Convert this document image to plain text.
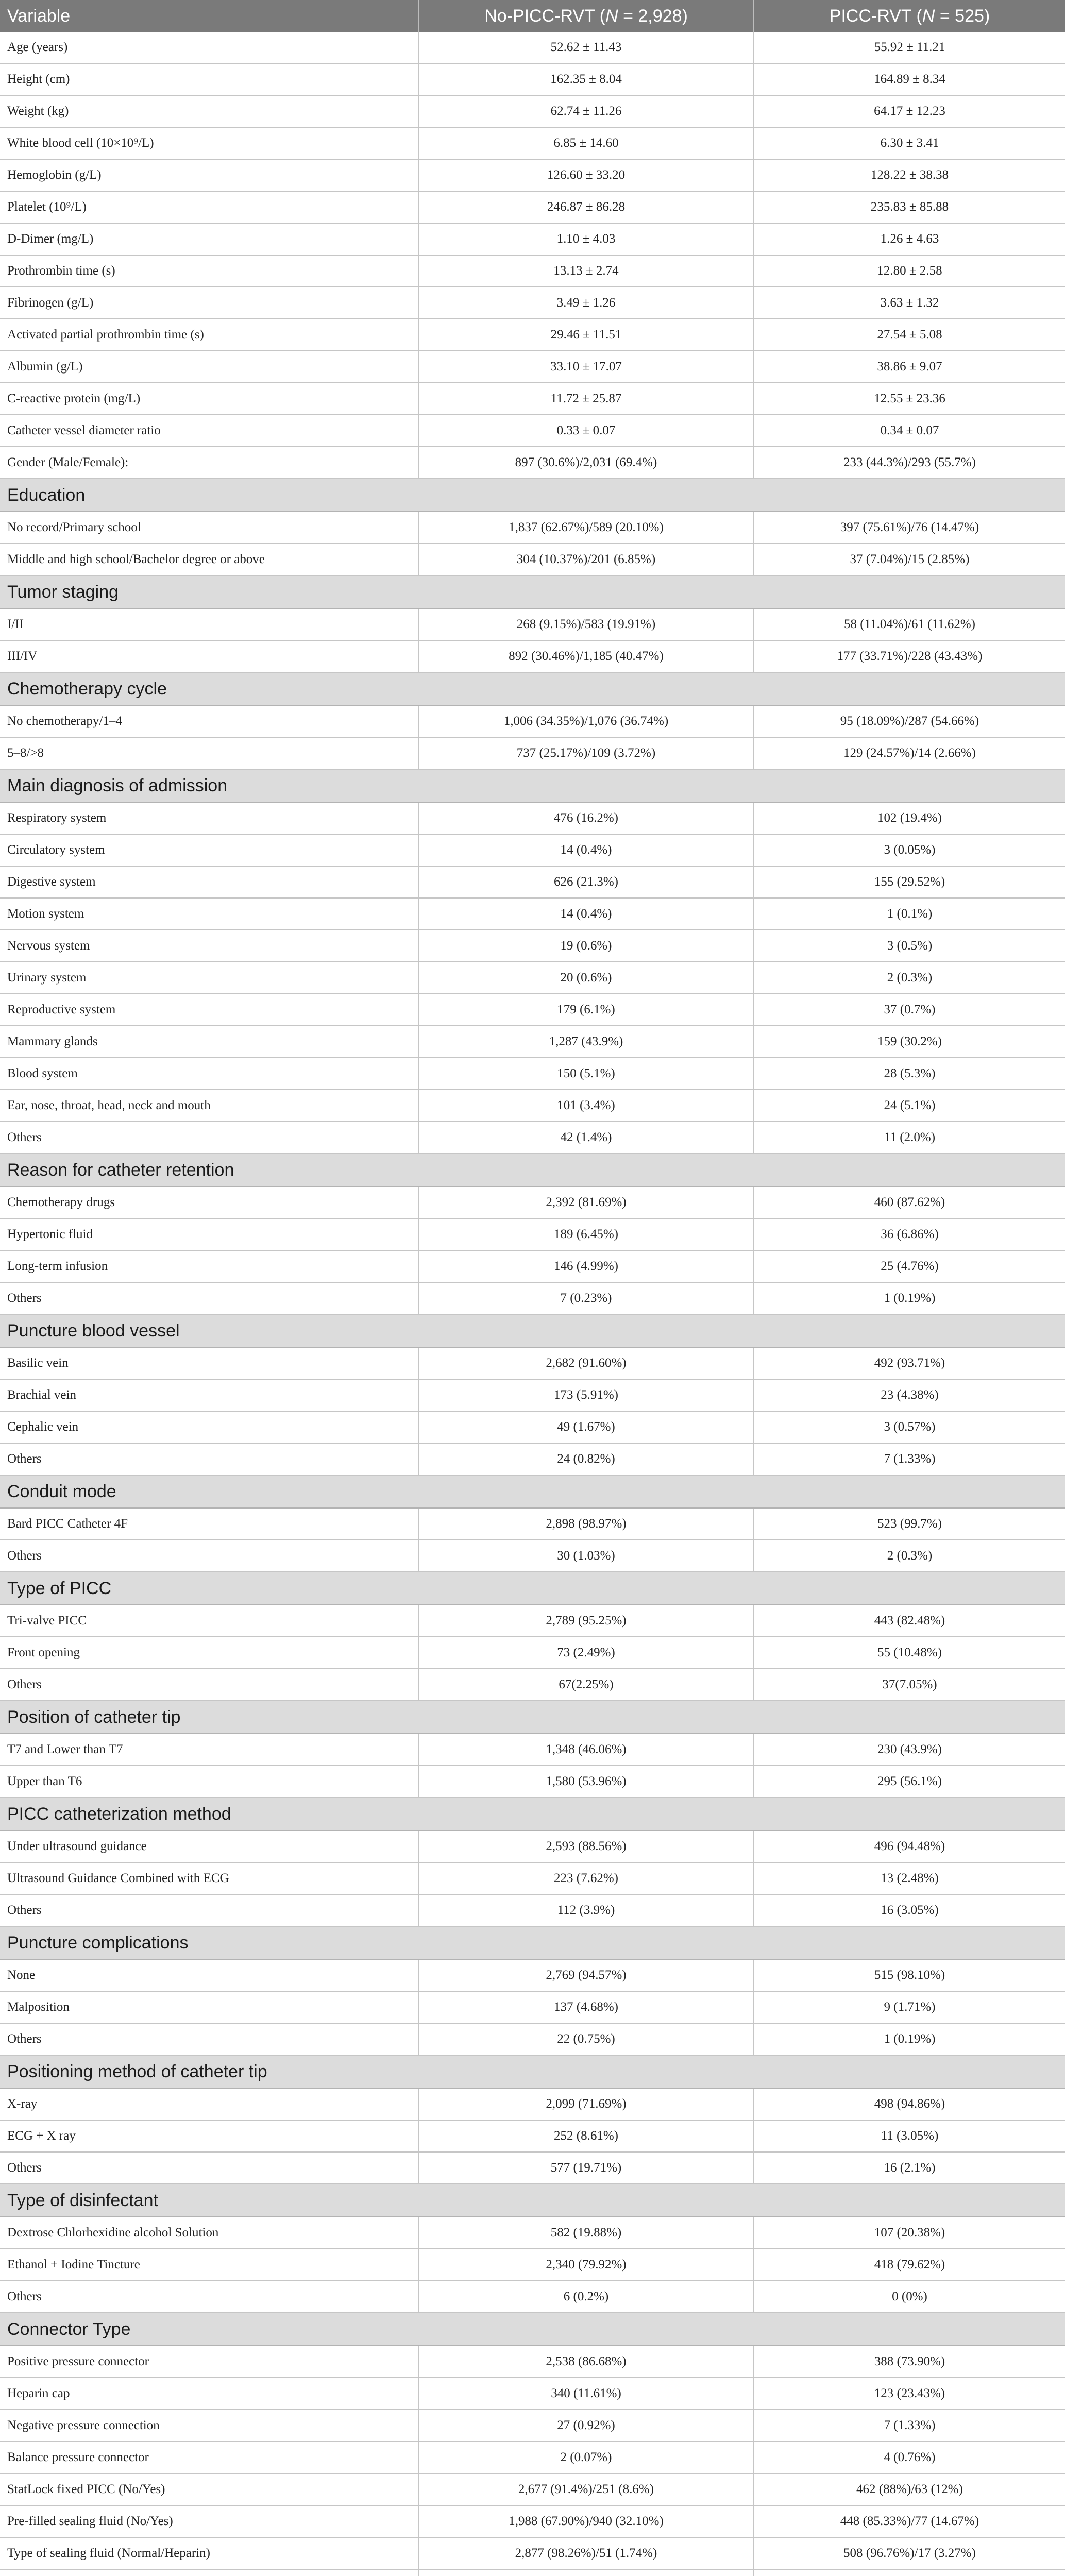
Variable	No-PICC-RVT (N = 2,928)	PICC-RVT (N = 525)
Age (years)	52.62 ± 11.43	55.92 ± 11.21
Height (cm)	162.35 ± 8.04	164.89 ± 8.34
Weight (kg)	62.74 ± 11.26	64.17 ± 12.23
White blood cell (10×10⁹/L)	6.85 ± 14.60	6.30 ± 3.41
Hemoglobin (g/L)	126.60 ± 33.20	128.22 ± 38.38
Platelet (10⁹/L)	246.87 ± 86.28	235.83 ± 85.88
D-Dimer (mg/L)	1.10 ± 4.03	1.26 ± 4.63
Prothrombin time (s)	13.13 ± 2.74	12.80 ± 2.58
Fibrinogen (g/L)	3.49 ± 1.26	3.63 ± 1.32
Activated partial prothrombin time (s)	29.46 ± 11.51	27.54 ± 5.08
Albumin (g/L)	33.10 ± 17.07	38.86 ± 9.07
C-reactive protein (mg/L)	11.72 ± 25.87	12.55 ± 23.36
Catheter vessel diameter ratio	0.33 ± 0.07	0.34 ± 0.07
Gender (Male/Female):	897 (30.6%)/2,031 (69.4%)	233 (44.3%)/293 (55.7%)
Education		
No record/Primary school	1,837 (62.67%)/589 (20.10%)	397 (75.61%)/76 (14.47%)
Middle and high school/Bachelor degree or above	304 (10.37%)/201 (6.85%)	37 (7.04%)/15 (2.85%)
Tumor staging		
I/II	268 (9.15%)/583 (19.91%)	58 (11.04%)/61 (11.62%)
III/IV	892 (30.46%)/1,185 (40.47%)	177 (33.71%)/228 (43.43%)
Chemotherapy cycle		
No chemotherapy/1–4	1,006 (34.35%)/1,076 (36.74%)	95 (18.09%)/287 (54.66%)
5–8/>8	737 (25.17%)/109 (3.72%)	129 (24.57%)/14 (2.66%)
Main diagnosis of admission		
Respiratory system	476 (16.2%)	102 (19.4%)
Circulatory system	14 (0.4%)	3 (0.05%)
Digestive system	626 (21.3%)	155 (29.52%)
Motion system	14 (0.4%)	1 (0.1%)
Nervous system	19 (0.6%)	3 (0.5%)
Urinary system	20 (0.6%)	2 (0.3%)
Reproductive system	179 (6.1%)	37 (0.7%)
Mammary glands	1,287 (43.9%)	159 (30.2%)
Blood system	150 (5.1%)	28 (5.3%)
Ear, nose, throat, head, neck and mouth	101 (3.4%)	24 (5.1%)
Others	42 (1.4%)	11 (2.0%)
Reason for catheter retention		
Chemotherapy drugs	2,392 (81.69%)	460 (87.62%)
Hypertonic fluid	189 (6.45%)	36 (6.86%)
Long-term infusion	146 (4.99%)	25 (4.76%)
Others	7 (0.23%)	1 (0.19%)
Puncture blood vessel		
Basilic vein	2,682 (91.60%)	492 (93.71%)
Brachial vein	173 (5.91%)	23 (4.38%)
Cephalic vein	49 (1.67%)	3 (0.57%)
Others	24 (0.82%)	7 (1.33%)
Conduit mode		
Bard PICC Catheter 4F	2,898 (98.97%)	523 (99.7%)
Others	30 (1.03%)	2 (0.3%)
Type of PICC		
Tri-valve PICC	2,789 (95.25%)	443 (82.48%)
Front opening	73 (2.49%)	55 (10.48%)
Others	67(2.25%)	37(7.05%)
Position of catheter tip		
T7 and Lower than T7	1,348 (46.06%)	230 (43.9%)
Upper than T6	1,580 (53.96%)	295 (56.1%)
PICC catheterization method		
Under ultrasound guidance	2,593 (88.56%)	496 (94.48%)
Ultrasound Guidance Combined with ECG	223 (7.62%)	13 (2.48%)
Others	112 (3.9%)	16 (3.05%)
Puncture complications		
None	2,769 (94.57%)	515 (98.10%)
Malposition	137 (4.68%)	9 (1.71%)
Others	22 (0.75%)	1 (0.19%)
Positioning method of catheter tip		
X-ray	2,099 (71.69%)	498 (94.86%)
ECG + X ray	252 (8.61%)	11 (3.05%)
Others	577 (19.71%)	16 (2.1%)
Type of disinfectant		
Dextrose Chlorhexidine alcohol Solution	582 (19.88%)	107 (20.38%)
Ethanol + Iodine Tincture	2,340 (79.92%)	418 (79.62%)
Others	6 (0.2%)	0 (0%)
Connector Type		
Positive pressure connector	2,538 (86.68%)	388 (73.90%)
Heparin cap	340 (11.61%)	123 (23.43%)
Negative pressure connection	27 (0.92%)	7 (1.33%)
Balance pressure connector	2 (0.07%)	4 (0.76%)
StatLock fixed PICC (No/Yes)	2,677 (91.4%)/251 (8.6%)	462 (88%)/63 (12%)
Pre-filled sealing fluid (No/Yes)	1,988 (67.90%)/940 (32.10%)	448 (85.33%)/77 (14.67%)
Type of sealing fluid (Normal/Heparin)	2,877 (98.26%)/51 (1.74%)	508 (96.76%)/17 (3.27%)
